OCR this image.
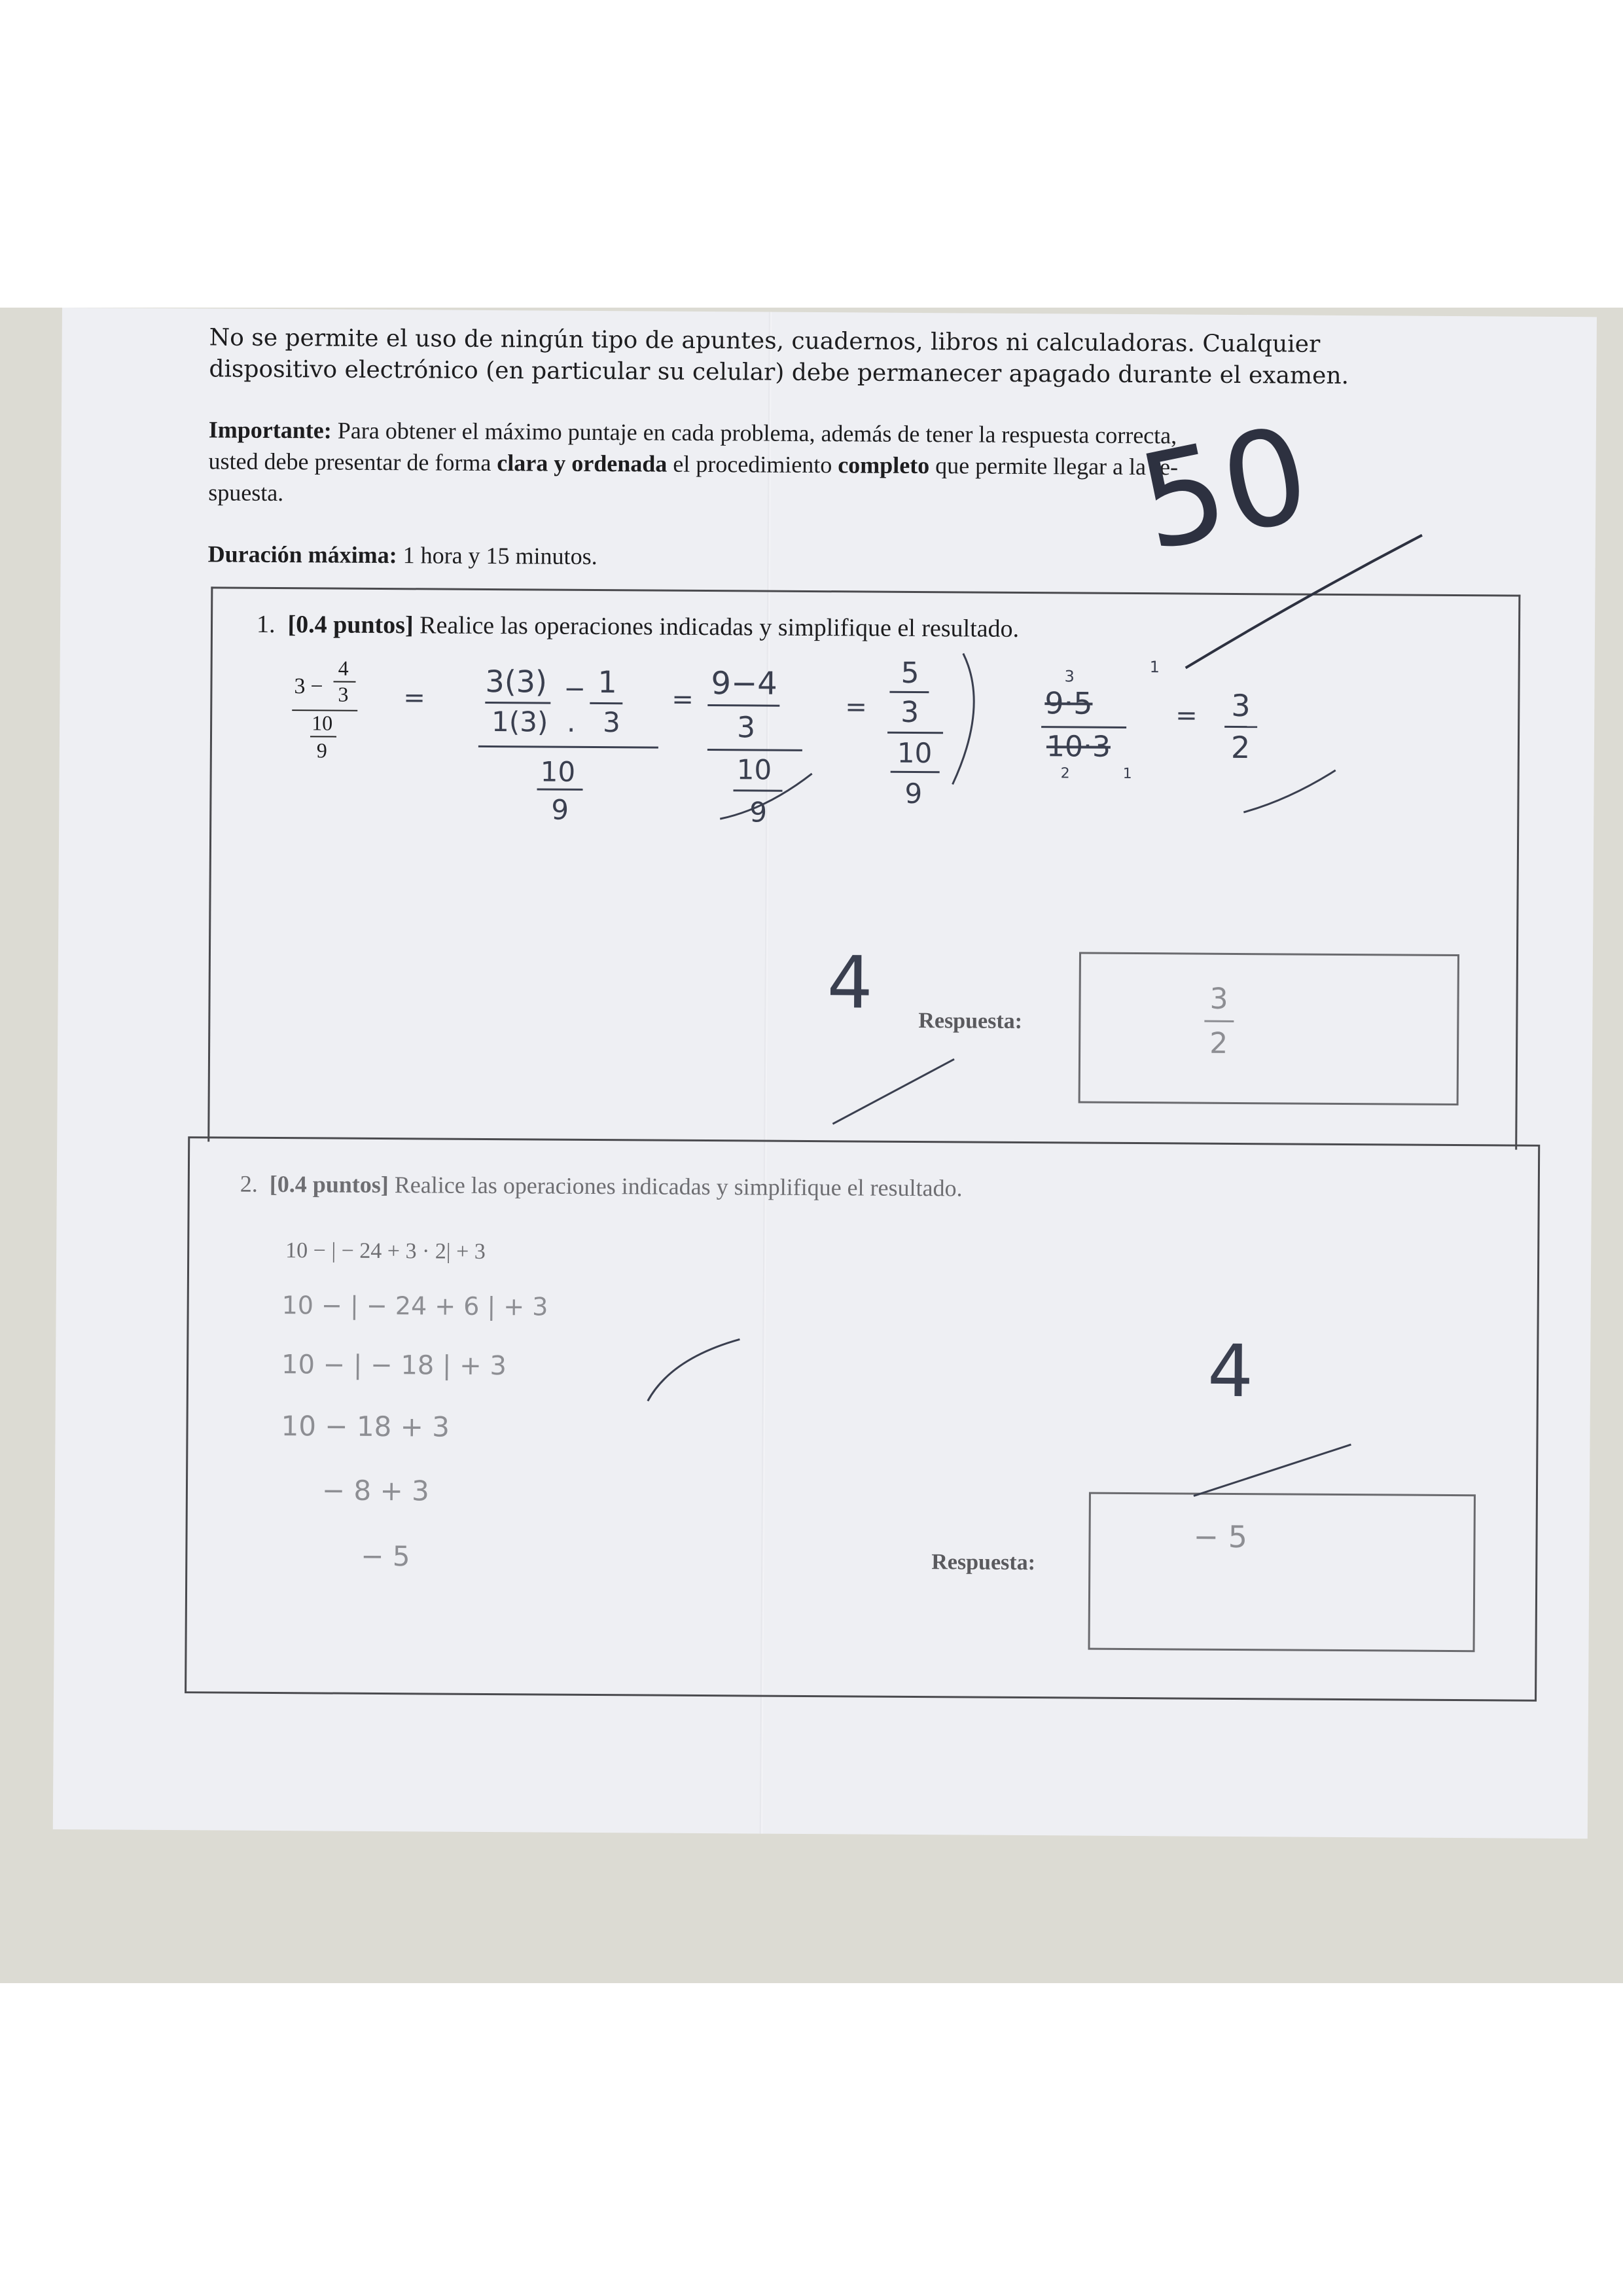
No se permite el uso de ningún tipo de apuntes, cuadernos, libros ni calculadoras. Cualquier
dispositivo electrónico (en particular su celular) debe permanecer apagado durante el examen.
Importante: Para obtener el máximo puntaje en cada problema, además de tener la respuesta correcta,
usted debe presentar de forma clara y ordenada el procedimiento completo que permite llegar a la re-
spuesta.
Duración máxima: 1 hora y 15 minutos.
1. [0.4 puntos] Realice las operaciones indicadas y simplifique el resultado.
3 −
4
3
10
9
= 3(3) − 1
1(3) . 3
10
9
= 9−4
3
10
9
=
5
3
10
9
3
1
9·5
10·3
2	1
= 3
2
4 Respuesta:
3
2
2. [0.4 puntos] Realice las operaciones indicadas y simplifique el resultado.
10 − | − 24 + 3 · 2| + 3
10 − | − 24 + 6 | + 3
10 − | − 18 | + 3
10 − 18 + 3
− 8 + 3
− 5
4
Respuesta:
− 5
50
